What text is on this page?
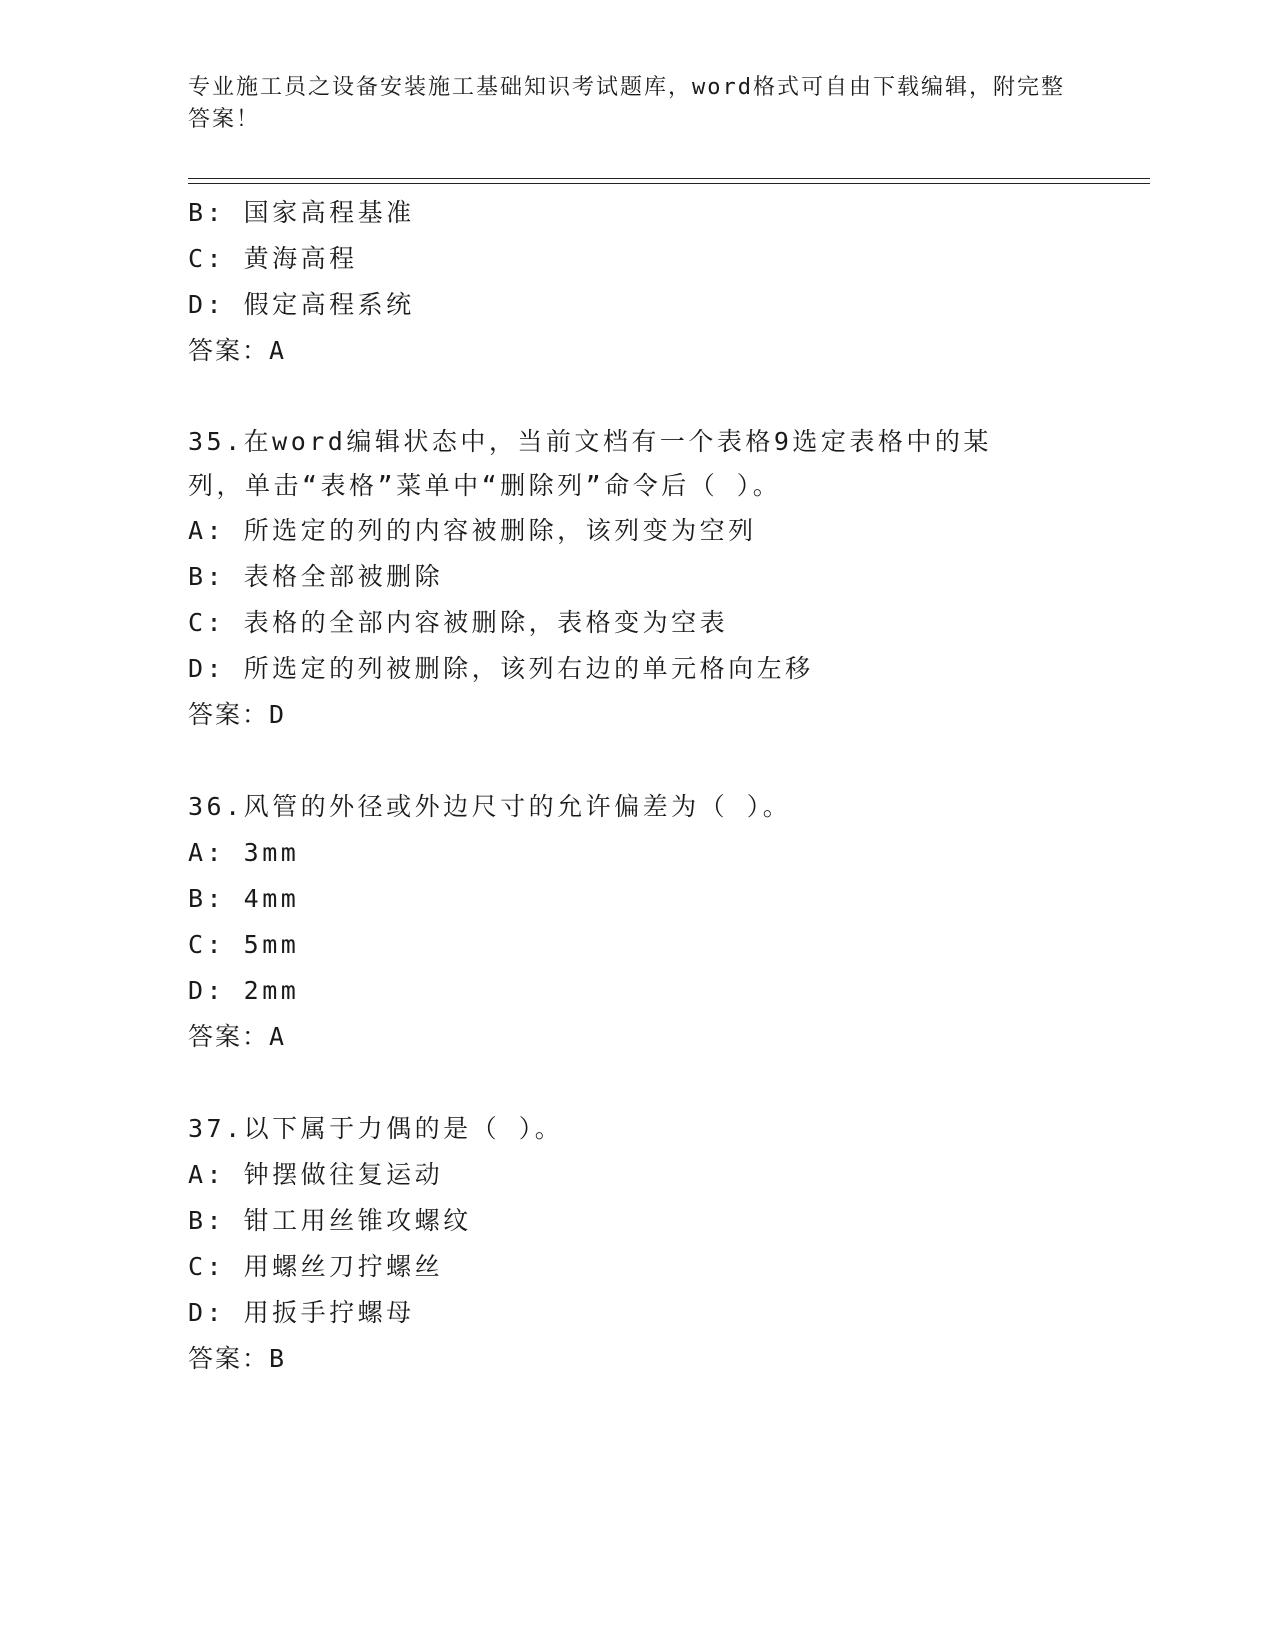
专业施工员之设备安装施工基础知识考试题库，word格式可自由下载编辑，附完整答案！
B: 国家高程基准
C: 黄海高程
D: 假定高程系统
答案：A
35.在word编辑状态中，当前文档有一个表格9选定表格中的某列，单击“表格”菜单中“删除列”命令后（ ）。
A: 所选定的列的内容被删除，该列变为空列
B: 表格全部被删除
C: 表格的全部内容被删除，表格变为空表
D: 所选定的列被删除，该列右边的单元格向左移
答案：D
36.风管的外径或外边尺寸的允许偏差为（ ）。
A: 3mm
B: 4mm
C: 5mm
D: 2mm
答案：A
37.以下属于力偶的是（ ）。
A: 钟摆做往复运动
B: 钳工用丝锥攻螺纹
C: 用螺丝刀拧螺丝
D: 用扳手拧螺母
答案：B
